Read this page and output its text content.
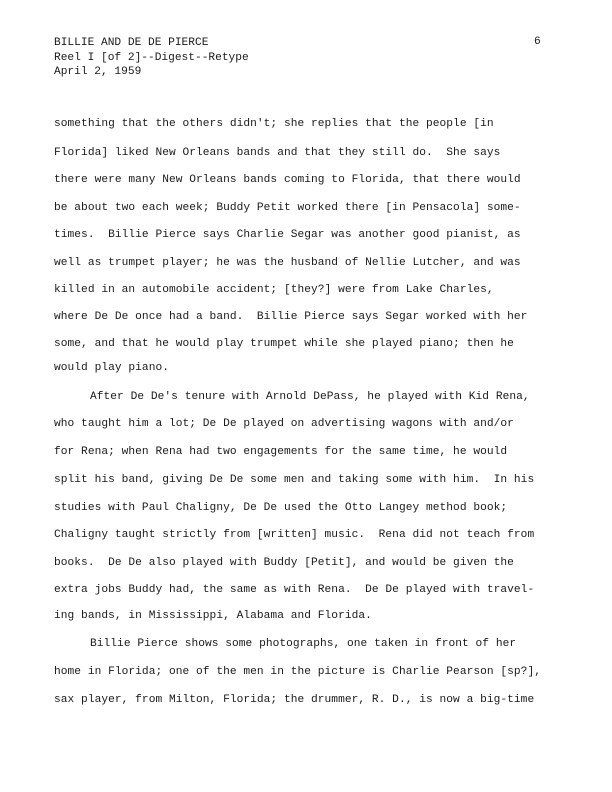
BILLIE AND DE DE PIERCE
Reel I [of 2]--Digest--Retype
April 2, 1959
6
something that the others didn't; she replies that the people [in
Florida] liked New Orleans bands and that they still do.  She says
there were many New Orleans bands coming to Florida, that there would
be about two each week; Buddy Petit worked there [in Pensacola] some-
times.  Billie Pierce says Charlie Segar was another good pianist, as
well as trumpet player; he was the husband of Nellie Lutcher, and was
killed in an automobile accident; [they?] were from Lake Charles,
where De De once had a band.  Billie Pierce says Segar worked with her
some, and that he would play trumpet while she played piano; then he
would play piano.
After De De's tenure with Arnold DePass, he played with Kid Rena,
who taught him a lot; De De played on advertising wagons with and/or
for Rena; when Rena had two engagements for the same time, he would
split his band, giving De De some men and taking some with him.  In his
studies with Paul Chaligny, De De used the Otto Langey method book;
Chaligny taught strictly from [written] music.  Rena did not teach from
books.  De De also played with Buddy [Petit], and would be given the
extra jobs Buddy had, the same as with Rena.  De De played with travel-
ing bands, in Mississippi, Alabama and Florida.
Billie Pierce shows some photographs, one taken in front of her
home in Florida; one of the men in the picture is Charlie Pearson [sp?],
sax player, from Milton, Florida; the drummer, R. D., is now a big-time
